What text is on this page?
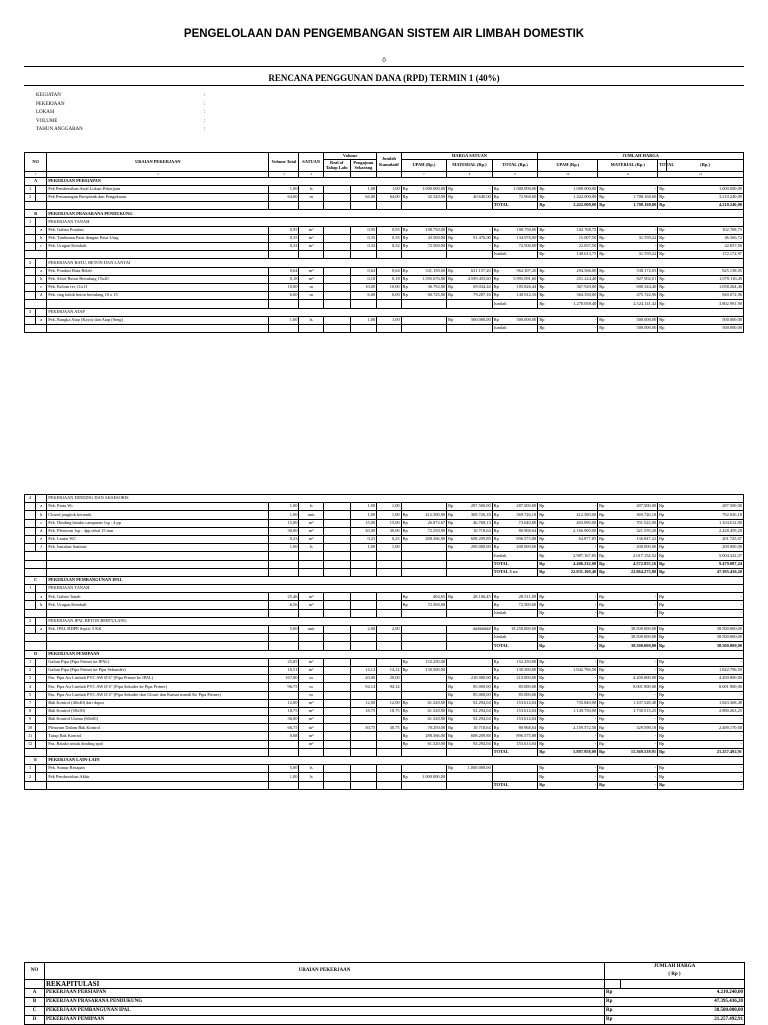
PENGELOLAAN DAN PENGEMBANGAN SISTEM AIR LIMBAH DOMESTIK
0
RENCANA PENGGUNAN DANA (RPD) TERMIN 1 (40%)
KEGIATAN	:
PEKERJAAN	:
LOKASI	:
VOLUME	:
TAHUN ANGGARAN	:
NO		URAIAN PEKERJAAN	Volume Total	SATUAN	Volume		Jumlah Kumulatif	HARGA SATUAN						JUMLAH HARGA					
					Real of Tahap Lalu	Pengajuan Sekarang		UPAH (Rp.)		MATERIAL (Rp.)		TOTAL (Rp.)		UPAH (Rp.)		MATERIAL (Rp.)		TOTAL	(Rp.)

1		2	3	4				7		8		9		10		11		12	
A		PEKERJAAN PERSIAPAN																	
1		Pek Pembersihan Awal Lokasi Pekerjaan	1,00	ls		1,00	1,00	Rp	1.000.000,00	Rp	-	Rp	1.000.000,00	Rp	1.000.000,00	Rp	-	Rp	1.000.000,00
2		Pek Pemasangan Bowplank dan Pengukuran	64,00	m		64,00	64,00	Rp	32.320,00	Rp	40.640,00	Rp	72.960,00	Rp	1.422.000,00	Rp	1.708.160,00	Rp	3.210.240,00
												TOTAL		Rp	2.422.000,00	Rp	1.708.160,00	Rp	4.210.240,00
B		PEKERJAAN PRASARANA PENDUKUNG																	
1		PEKERJAAN TANAH																	
	a	Pek. Galian Pondasi	0,95	m³		0,95	0,95	Rp	108.750,00	Rp	-	Rp	108.750,00	Rp	102.768,75	Rp	-	Rp	102.768,75
	b	Pek. Timbunan Pasir dengan Pasir Urug	0,35	m³		0,35	0,35	Rp	43.500,00	Rp	91.476,00	Rp	134.976,00	Rp	15.007,50	Rp	31.559,22	Rp	46.566,72
	c	Pek. Urugan Kembali	0,32	m³		0,32	0,32	Rp	72.500,00	Rp	-	Rp	72.500,00	Rp	22.837,50	Rp	-	Rp	22.837,50
												Jumlah		Rp	140.613,75	Rp	31.559,22	Rp	172.172,97
2		PEKERJAAN BATU, BETON DAN LANTAI																	
	a	Pek. Pondasi Batu Belah	0,64	m³		0,64	0,64	Rp	331.150,00	Rp	631.157,20	Rp	962.307,20	Rp	294.566,00	Rp	538.172,05	Rp	825.138,05
	b	Pek. Sloof Beton Bertulang 15x20	0,18	m³		0,18	0,18	Rp	1.395.676,00	Rp	4.599.455,60	Rp	5.995.091,60	Rp	251.224,40	Rp	827.902,01	Rp	1.079.116,49
	c	Pek. Kolom rec 11x11	10,00	m		10,00	10,00	Rp	36.792,00	Rp	69.034,44	Rp	105.826,44	Rp	367.920,00	Rp	690.344,40	Rp	1.058.264,40
	d	Pek. ring balok beton bertulang 10 x 15	6,00	m		6,00	6,00	Rp	60.725,00	Rp	79.287,16	Rp	140.012,16	Rp	364.350,00	Rp	475.722,96	Rp	840.072,96
												Jumlah		Rp	1.278.058,40	Rp	2.524.141,42	Rp	3.802.991,90
3		PEKERJAAN ATAP																	
	a	Pek. Rangka Atap (Kayu) dan Atap (Seng)	1,00	ls		1,00	1,00			Rp	500.000,00	Rp	500.000,00	Rp	-	Rp	500.000,00	Rp	500.000,00
												Jumlah		Rp	-	Rp	500.000,00	Rp	500.000,00
4		PEKERJAAN DINDING DAN AKSESORIS																	
	a	Pek. Pintu Wc	1,00	ls		1,00	1,00			Rp	287.500,00	Rp	287.500,00	Rp	-	Rp	287.500,00	Rp	287.500,00
	b	Closed jongkok keramik	1,00	unit		1,00	1,00	Rp	412.500,00	Rp	369.726,18	Rp	369.726,18	Rp	412.500,00	Rp	369.726,18	Rp	782.026,18
	c	Pek. Dinding batako campuran 1sp : 4 pp	15,00	m²		15,00	15,00	Rp	26.872,67	Rp	46.768,13	Rp	73.640,80	Rp	403.090,00	Rp	701.522,00	Rp	1.104.612,00
	d	Pek. Plesteran 1sp : 4pp tebal 15 mm	30,00	m²		30,00	30,00	Rp	72.250,00	Rp	10.718,64	Rp	80.968,64	Rp	2.166.900,00	Rp	321.559,20	Rp	2.428.459,20
	e	Pek. Lantai WC	0,23	m²		0,23	0,23	Rp	288.366,00	Rp	608.209,88	Rp	896.575,88	Rp	64.877,85	Rp	136.847,22	Rp	201.725,07
	f	Pek. Instalasi Sanitasi	1,00	ls		1,00	1,00			Rp	200.000,00	Rp	200.000,00	Rp	-	Rp	200.000,00	Rp	200.000,00
												Jumlah		Rp	2.987.167,85	Rp	2.017.154,52	Rp	5.004.322,37
												TOTAL		Rp	4.406.232,08	Rp	4.572.855,16	Rp	9.479.087,24
												TOTAL 5 wc		Rp	22.031.160,40	Rp	22.864.275,80	Rp	47.395.436,20
C		PEKERJAAN PEMBANGUNAN IPAL																	
1		PEKERJAAN TANAH																	
	a	Pek. Galian Tanah	25,46	m³				Rp	404,65	Rp	28.106,45	Rp	28.511,09	Rp	-	Rp	-	Rp	-
	b	Pek. Urugan Kembali	6,56	m³				Rp	72.500,00			Rp	72.500,00	Rp	-	Rp	-	Rp	-
												Jumlah		Rp	-	Rp	-	Rp	-
2		PEKERJAAN IPAL BETON BERTULANG																	
	a	Pek. IPAL HDPE Septic 5 KK	5,00	unit		2,00	2,00				########	Rp	19.250.000,00	Rp	-	Rp	38.500.000,00	Rp	38.500.000,00
												Jumlah		Rp	-	Rp	38.500.000,00	Rp	38.500.000,00
												TOTAL		Rp	-	Rp	38.500.000,00	Rp	38.500.000,00
D		PEKERJAAN PEMIPAAN																	
1		Galian Pipa (Pipa Primer ke IPAL)	25,05	m³				Rp	152.250,00			Rp	152.250,00	Rp	-	Rp	-	Rp	-
2		Galian Pipa (Pipa Primer ke Pipa Sekunder)	16,51	m³		14,12	14,12	Rp	130.500,00			Rp	130.500,00	Rp	1.842.796,50	Rp	-	Rp	1.842.796,50
3		Pas. Pipa Air Limbah PVC AW Ø 6" (Pipa Primer ke IPAL)	167,00	m		20,00	20,00			Rp	210.000,00	Rp	210.000,00	Rp	-	Rp	4.200.000,00	Rp	4.200.000,00
4		Pas. Pipa Air Limbah PVC AW Ø 4" (Pipa Sekuder ke Pipa Primer)	96,75	m		94,14	94,14			Rp	85.000,00	Rp	85.000,00	Rp	-	Rp	8.001.900,00	Rp	8.001.900,00
5		Pas. Pipa Air Limbah PVC AW Ø 4" (Pipa Sekuder dari Closet dan Kamar mandi Ke Pipa Primer)		m						Rp	85.000,00	Rp	85.000,00	Rp	-	Rp	-	Rp	-
7		Bak Kontrol (40x40) dari dapur	12,00	m²		12,00	12,00	Rp	61.320,00	Rp	92.294,04	Rp	153.614,04	Rp	735.840,00	Rp	1.107.528,48	Rp	1.843.368,48
8		Bak Kontrol (50x50)	18,75	m²		18,75	18,75	Rp	61.320,00	Rp	92.294,04	Rp	153.614,04	Rp	1.149.750,00	Rp	1.730.513,25	Rp	2.880.263,25
9		Bak Kontrol Utama (60x60)	36,00	m²				Rp	61.320,00	Rp	92.294,04	Rp	153.614,04	Rp	-	Rp	-	Rp	-
10		Plesteran Dalam Bak Kontrol	66,75	m²		30,75	30,75	Rp	70.250,00	Rp	10.718,64	Rp	80.968,64	Rp	2.159.572,50	Rp	329.598,18	Rp	2.489.170,68
11		Tutup Bak Kontrol	0,68	m³				Rp	288.366,00	Rp	608.209,88	Rp	896.575,88	Rp	-	Rp	-	Rp	-
12		Pas. Batako untuk dinding spal		m²				Rp	61.320,00	Rp	92.294,04	Rp	153.614,04	Rp	-	Rp	-	Rp	-
												TOTAL		Rp	5.887.958,00	Rp	15.369.539,91	Rp	21.257.492,91
E		PEKERJAAN LAIN-LAIN																	
1		Pek. Sumur Resapan	5,00	ls						Rp	1.000.000,00			Rp	-	Rp	-	Rp	-
2		Pek Pembersihan Akhir	1,00	ls				Rp	1.000.000,00					Rp	-	Rp	-	Rp	-
												TOTAL		Rp	-	Rp	-	Rp	-
NO	URAIAN PEKERJAAN	JUMLAH HARGA
( Rp )	
	REKAPITULASI		
A	PEKERJAAN PERSIAPAN	Rp	4.210.240,00
B	PEKERJAAN PRASARANA PENDUKUNG	Rp	47.395.436,20
C	PEKERJAAN PEMBANGUNAN IPAL	Rp	38.500.000,00
D	PEKERJAAN PEMIPAAN	Rp	21.257.492,91
